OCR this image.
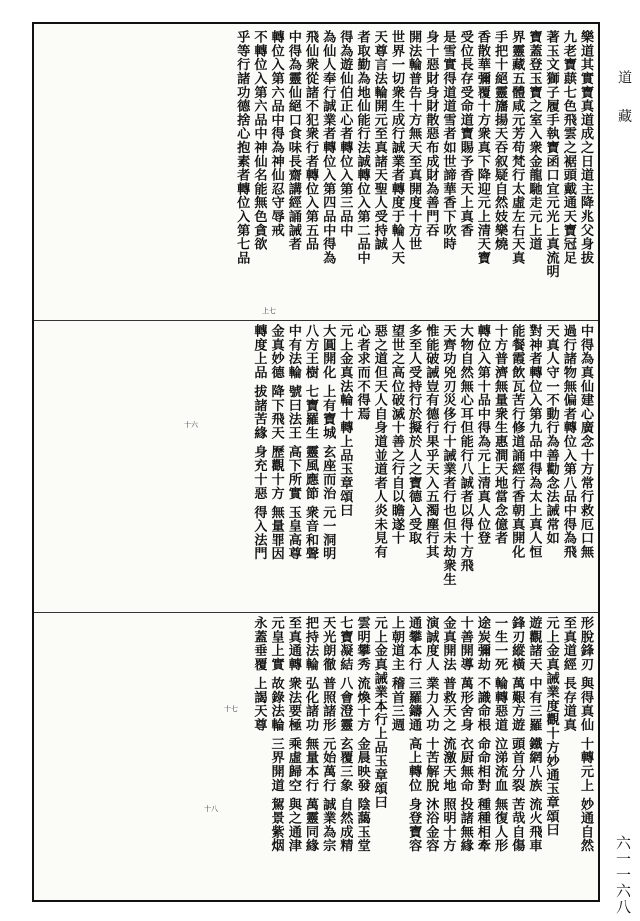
樂道其實寶真道成之日道主降兆父身拔
九老寶蕻七色飛雲之裾頭戴通天寶冠足
著玉文獅子履手執寶函口宜元光上真流明
寶蓋登玉寶之室入衆金龍馳走元上道
界靈藏五體咸元芳苟梵行太虛左右天真
手把十絕靈旛揚天吞叙疑自然妓樂燒
香散華彌覆十方衆真下降迎元上清天寶
受位長存受命道寶賜予香天上真香
是雪實得道道雪者如世諦華香下吹時
身十惡財身財散惡布成財為善門吞
開法輪普告十方無天至真開度十方世
世界一切衆生成行誠業者轉度于輪人天
天尊言法輪開元至真諸天聖人受持誠
者取勤為地仙能行法誠轉位入第二品中
得為遊仙伯正心者轉位入第三品中
為仙人奉行誠業者轉位入第四品中得為
飛仙衆從諸不犯衆行者轉位入第五品
中得為靈仙絕口食味長齋講經誦誡者
轉位入第六品中得為神仙忍守辱戒
不轉位入第六品中神仙名能無色貪欲
乎等行諸功德捨心抱素者轉位入第七品
中得為真仙建心廣念十方常行救厄口無
過行諸物無偏者轉位入第八品中得為飛
天真人守一不動行為善勸念法誡常如
對神者轉位入第九品中得為太上真人恒
能餐霞飲瓦苦行修道誦經行香朝真開化
十方普濟無量衆生惠澗天地當念億者
轉位入第十品中得為元上清真人位登
大物自然無心耳但能行八誠者以得十方飛
天齊功兇刃災侈行十誡業者行也但未劫衆生
惟能破誡豈有德行果乎天入五濁塵行其
多至人受持行於擬於人之寶德入受取
望世之高位破滅十善之行自以瞻遂十
惡之道但天人自身道並道者人炎未見有
心者求而不得焉
元上金真法輪十轉上品玉章頌曰
大圓開化 上有寶城 玄座而治 元一洞明
八方王樹 七寶羅生 靈風應節 衆音和聲
中有法輪 號曰法王 高下所實 玉皇高尊
金真妙德 降下飛天 歷觀十方 無量罪因
轉度上品 拔諸苦緣 身充十惡 得入法門
形脫鋒刃 與得真仙 十轉元上 妙通自然
至真道經 長存道真
元上金真誡業度觀十方妙通玉章頌曰
遊觀諸天 中有三羅 鐵網八族 流火飛車
鋒刃縱橫 萬艱方遊 頭首分裂 苦哉自傷
一生一死 輪轉惡道 泣涕流血 無復人形
途炭彌劫 不識命根 命命相對 種種相牽
十善開導 萬形舍身 衣厨無命 投諸無緣
金真開法 普救天之 流激天地 照明十方
演誠度人 業力入功 十苦解脫 沐浴金容
通攀本行 三羅鑄通 高上轉位 身登寶容
上朝道主 稽首三週
元上金真誡業本行上品玉章頌曰
雲明攀秀 流煥十方 金晨映發 陰藹玉堂
七寶凝結 八會澄靈 玄覆三象 自然成精
天光朗徹 普照諸形 元始萬行 誠業為宗
把持法輪 弘化諸功 無量本行 萬靈同緣
至真通轉 衆法要極 乘虛歸空 與之通津
元皇上實 故錄法輪 三界開道 駕景紫烟
永蓋垂覆 上謁天尊
上七
十六
十七
十八
道 藏
六一一六八
